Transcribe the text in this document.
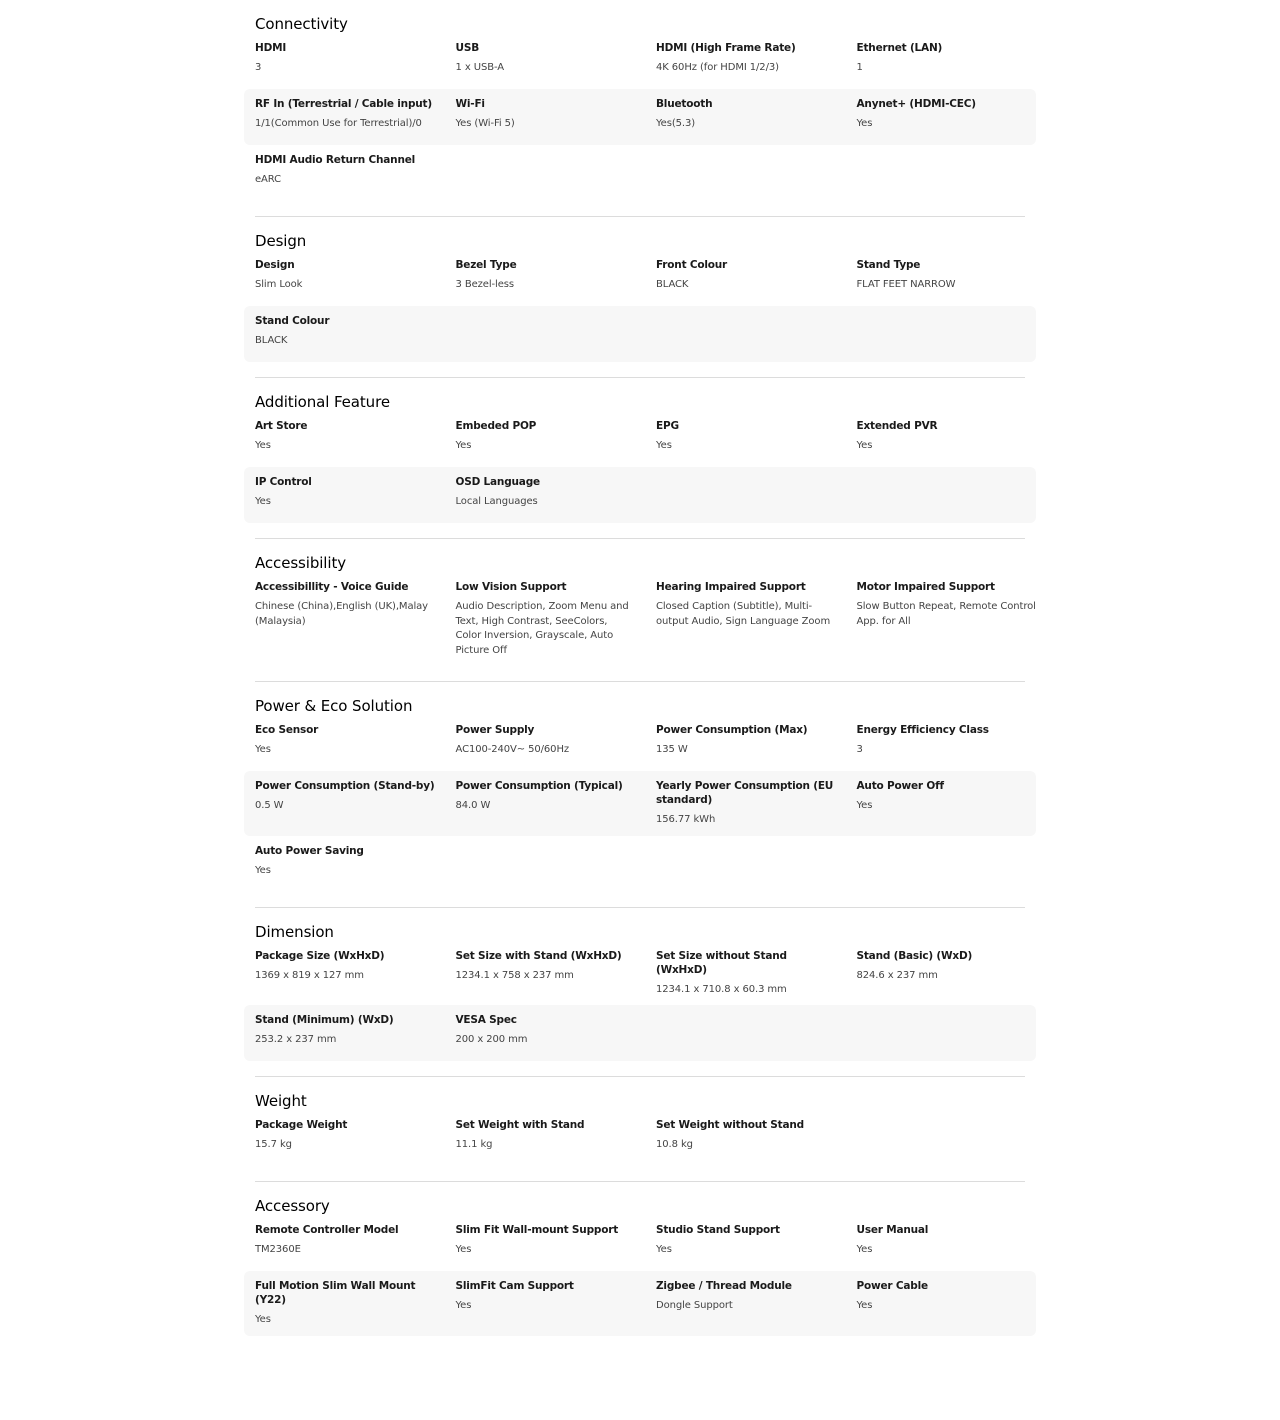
Connectivity
HDMI
3
USB
1 x USB-A
HDMI (High Frame Rate)
4K 60Hz (for HDMI 1/2/3)
Ethernet (LAN)
1
RF In (Terrestrial / Cable input)
1/1(Common Use for Terrestrial)/0
Wi-Fi
Yes (Wi-Fi 5)
Bluetooth
Yes(5.3)
Anynet+ (HDMI-CEC)
Yes
HDMI Audio Return Channel
eARC
Design
Design
Slim Look
Bezel Type
3 Bezel-less
Front Colour
BLACK
Stand Type
FLAT FEET NARROW
Stand Colour
BLACK
Additional Feature
Art Store
Yes
Embeded POP
Yes
EPG
Yes
Extended PVR
Yes
IP Control
Yes
OSD Language
Local Languages
Accessibility
Accessibillity - Voice Guide
Chinese (China),English (UK),Malay (Malaysia)
Low Vision Support
Audio Description, Zoom Menu and Text, High Contrast, SeeColors, Color Inversion, Grayscale, Auto Picture Off
Hearing Impaired Support
Closed Caption (Subtitle), Multi-output Audio, Sign Language Zoom
Motor Impaired Support
Slow Button Repeat, Remote Control App. for All
Power & Eco Solution
Eco Sensor
Yes
Power Supply
AC100-240V~ 50/60Hz
Power Consumption (Max)
135 W
Energy Efficiency Class
3
Power Consumption (Stand-by)
0.5 W
Power Consumption (Typical)
84.0 W
Yearly Power Consumption (EU standard)
156.77 kWh
Auto Power Off
Yes
Auto Power Saving
Yes
Dimension
Package Size (WxHxD)
1369 x 819 x 127 mm
Set Size with Stand (WxHxD)
1234.1 x 758 x 237 mm
Set Size without Stand (WxHxD)
1234.1 x 710.8 x 60.3 mm
Stand (Basic) (WxD)
824.6 x 237 mm
Stand (Minimum) (WxD)
253.2 x 237 mm
VESA Spec
200 x 200 mm
Weight
Package Weight
15.7 kg
Set Weight with Stand
11.1 kg
Set Weight without Stand
10.8 kg
Accessory
Remote Controller Model
TM2360E
Slim Fit Wall-mount Support
Yes
Studio Stand Support
Yes
User Manual
Yes
Full Motion Slim Wall Mount (Y22)
Yes
SlimFit Cam Support
Yes
Zigbee / Thread Module
Dongle Support
Power Cable
Yes
